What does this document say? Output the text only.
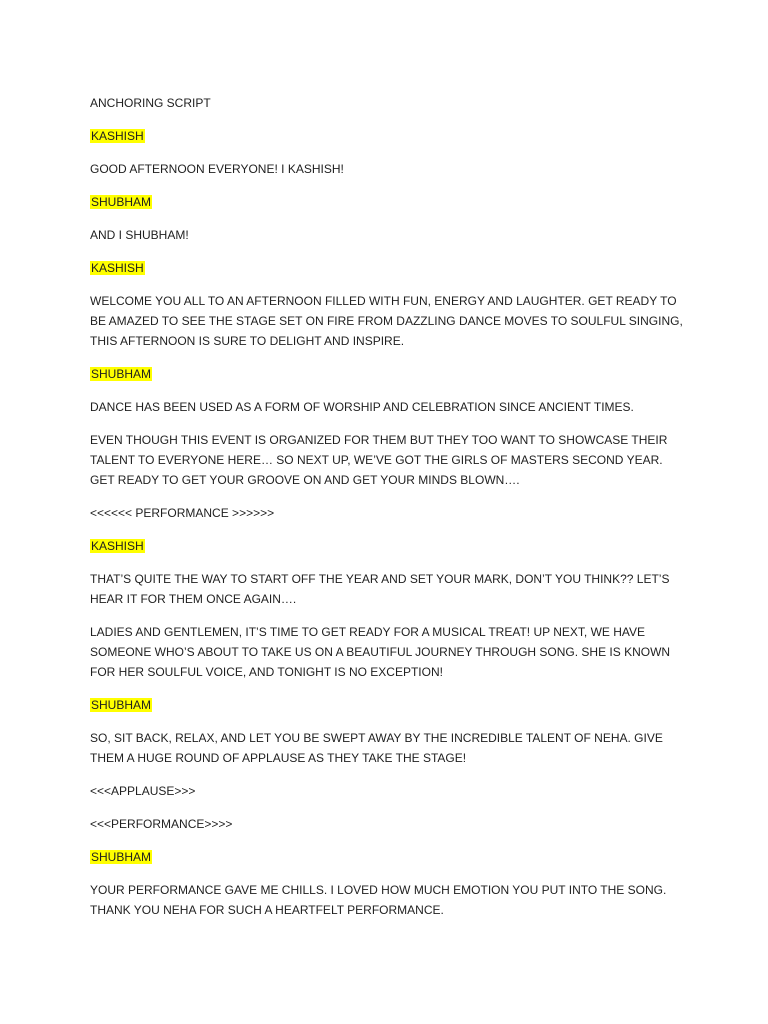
ANCHORING SCRIPT

KASHISH

GOOD AFTERNOON EVERYONE! I KASHISH!

SHUBHAM

AND I SHUBHAM!

KASHISH

WELCOME YOU ALL TO AN AFTERNOON FILLED WITH FUN, ENERGY AND LAUGHTER. GET READY TO BE AMAZED TO SEE THE STAGE SET ON FIRE FROM DAZZLING DANCE MOVES TO SOULFUL SINGING, THIS AFTERNOON IS SURE TO DELIGHT AND INSPIRE.

SHUBHAM

DANCE HAS BEEN USED AS A FORM OF WORSHIP AND CELEBRATION SINCE ANCIENT TIMES.

EVEN THOUGH THIS EVENT IS ORGANIZED FOR THEM BUT THEY TOO WANT TO SHOWCASE THEIR TALENT TO EVERYONE HERE… SO NEXT UP, WE’VE GOT THE GIRLS OF MASTERS SECOND YEAR. GET READY TO GET YOUR GROOVE ON AND GET YOUR MINDS BLOWN….

<<<<<< PERFORMANCE >>>>>>

KASHISH

THAT’S QUITE THE WAY TO START OFF THE YEAR AND SET YOUR MARK, DON’T YOU THINK?? LET’S HEAR IT FOR THEM ONCE AGAIN….

LADIES AND GENTLEMEN, IT’S TIME TO GET READY FOR A MUSICAL TREAT! UP NEXT, WE HAVE SOMEONE WHO’S ABOUT TO TAKE US ON A BEAUTIFUL JOURNEY THROUGH SONG. SHE IS KNOWN FOR HER SOULFUL VOICE, AND TONIGHT IS NO EXCEPTION!

SHUBHAM

SO, SIT BACK, RELAX, AND LET YOU BE SWEPT AWAY BY THE INCREDIBLE TALENT OF NEHA. GIVE THEM A HUGE ROUND OF APPLAUSE AS THEY TAKE THE STAGE!

<<<APPLAUSE>>>

<<<PERFORMANCE>>>>

SHUBHAM

YOUR PERFORMANCE GAVE ME CHILLS. I LOVED HOW MUCH EMOTION YOU PUT INTO THE SONG. THANK YOU NEHA FOR SUCH A HEARTFELT PERFORMANCE.
